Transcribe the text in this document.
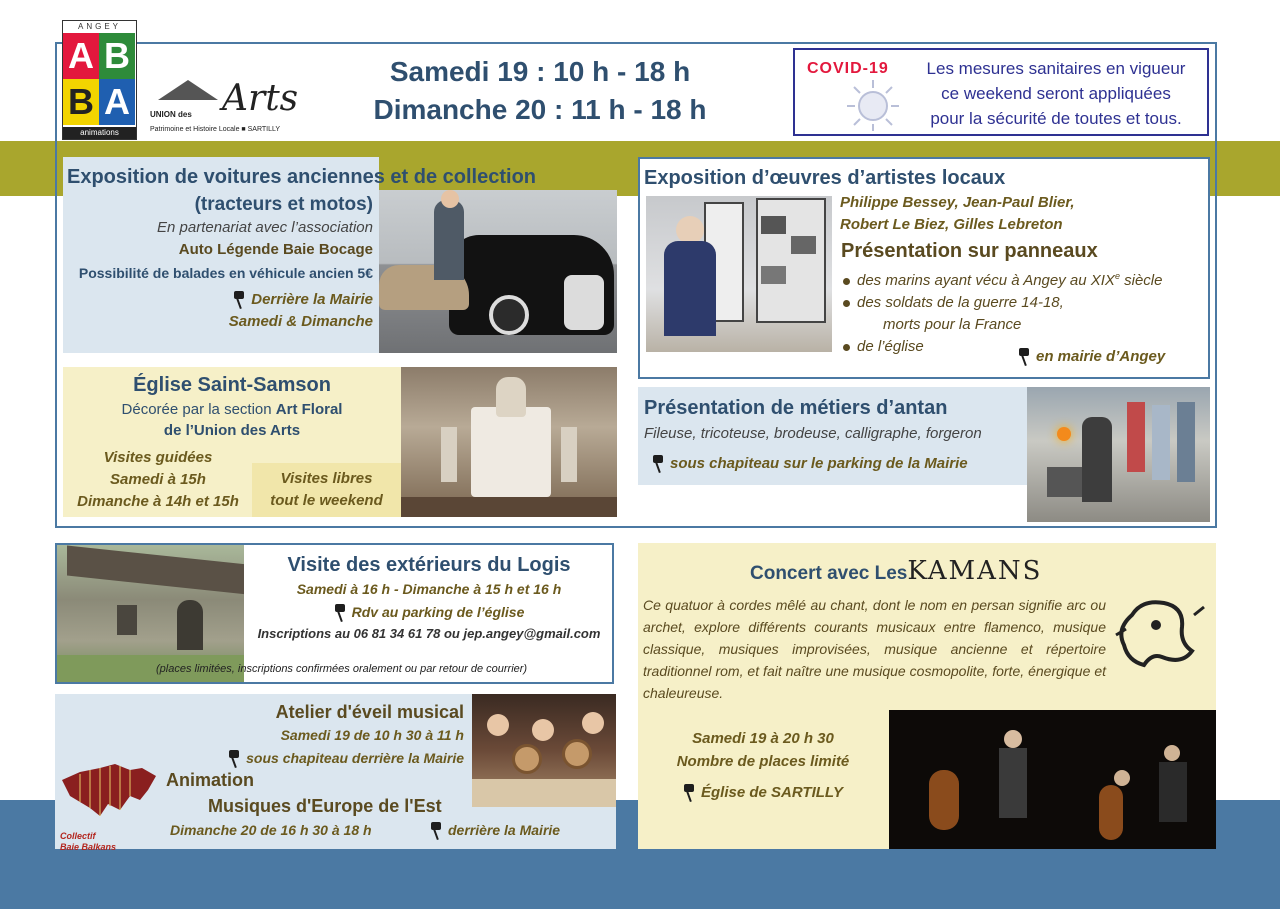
ANGEY
A B
B A
animations
UNION des Arts
Patrimoine et Histoire Locale ■ SARTILLY
Samedi 19 : 10 h - 18 h
Dimanche 20 : 11 h - 18 h
COVID-19	Les mesures sanitaires en vigueur
ce weekend seront appliquées
pour la sécurité de toutes et tous.
Exposition de voitures anciennes et de collection
(tracteurs et motos)
En partenariat avec l’association
Auto Légende Baie Bocage
Possibilité de balades en véhicule ancien 5€
Derrière la Mairie
Samedi & Dimanche
Église Saint-Samson
Décorée par la section Art Floral
de l’Union des Arts
Visites guidées
Samedi à 15h
Dimanche à 14h et 15h
Visites libres
tout le weekend
Exposition d’œuvres d’artistes locaux
Philippe Bessey, Jean-Paul Blier,
Robert Le Biez, Gilles Lebreton
Présentation sur panneaux
des marins ayant vécu à Angey au XIXe siècle
des soldats de la guerre 14-18,
morts pour la France
de l’église
en mairie d’Angey
Présentation de métiers d’antan
Fileuse, tricoteuse, brodeuse, calligraphe, forgeron
sous chapiteau sur le parking de la Mairie
Visite des extérieurs du Logis
Samedi à 16 h - Dimanche à 15 h et 16 h
Rdv au parking de l’église
Inscriptions au 06 81 34 61 78 ou jep.angey@gmail.com
(places limitées, inscriptions confirmées oralement ou par retour de courrier)
Collectif
Baie Balkans
Atelier d'éveil musical
Samedi 19 de 10 h 30 à 11 h
sous chapiteau derrière la Mairie
Animation
Musiques d'Europe de l'Est
Dimanche 20 de 16 h 30 à 18 h	derrière la Mairie
Concert avec LesKAMANS
Ce quatuor à cordes mêlé au chant, dont le nom en persan signifie arc ou archet, explore différents courants musicaux entre flamenco, musique classique, musiques improvisées, musique ancienne et répertoire traditionnel rom, et fait naître une musique cosmopolite, forte, énergique et chaleureuse.
Samedi 19 à 20 h 30
Nombre de places limité
Église de SARTILLY
